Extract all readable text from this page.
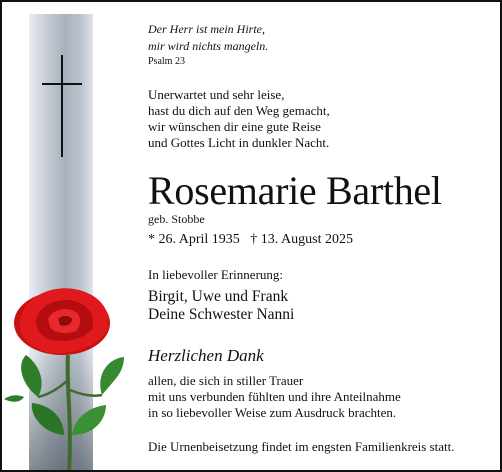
Der Herr ist mein Hirte,
mir wird nichts mangeln.
Psalm 23
Unerwartet und sehr leise,
hast du dich auf den Weg gemacht,
wir wünschen dir eine gute Reise
und Gottes Licht in dunkler Nacht.
Rosemarie Barthel
geb. Stobbe
* 26. April 1935   † 13. August 2025
In liebevoller Erinnerung:
Birgit, Uwe und Frank
Deine Schwester Nanni
Herzlichen Dank
allen, die sich in stiller Trauer
mit uns verbunden fühlten und ihre Anteilnahme
in so liebevoller Weise zum Ausdruck brachten.
Die Urnenbeisetzung findet im engsten Familienkreis statt.
